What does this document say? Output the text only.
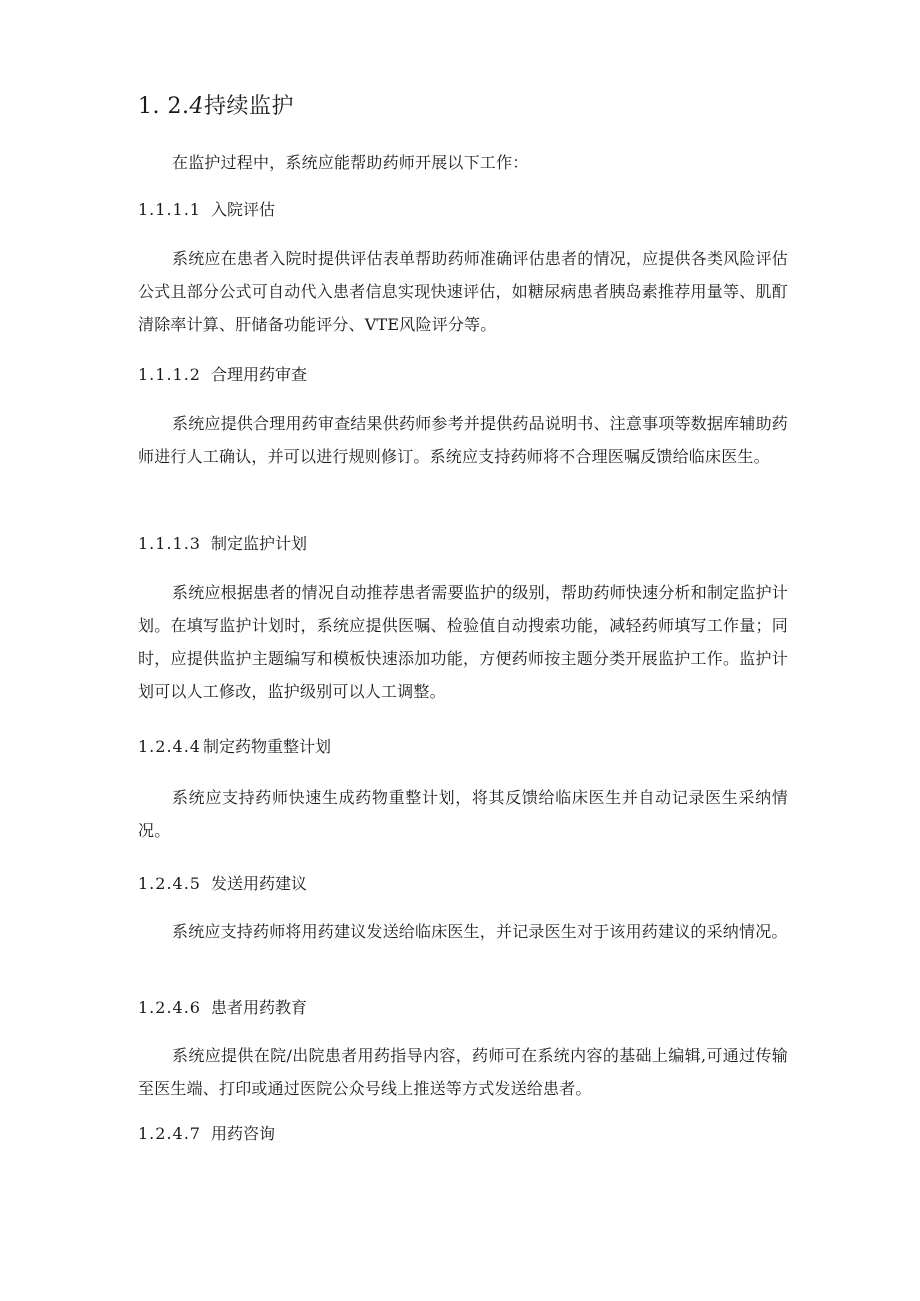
1. 2.4持续监护
在监护过程中，系统应能帮助药师开展以下工作：
1.1.1.1 入院评估
系统应在患者入院时提供评估表单帮助药师准确评估患者的情况，应提供各类风险评估公式且部分公式可自动代入患者信息实现快速评估，如糖尿病患者胰岛素推荐用量等、肌酊清除率计算、肝储备功能评分、VTE风险评分等。
1.1.1.2 合理用药审查
系统应提供合理用药审查结果供药师参考并提供药品说明书、注意事项等数据库辅助药师进行人工确认，并可以进行规则修订。系统应支持药师将不合理医嘱反馈给临床医生。
1.1.1.3 制定监护计划
系统应根据患者的情况自动推荐患者需要监护的级别，帮助药师快速分析和制定监护计划。在填写监护计划时，系统应提供医嘱、检验值自动搜索功能，减轻药师填写工作量；同时，应提供监护主题编写和模板快速添加功能，方便药师按主题分类开展监护工作。监护计划可以人工修改，监护级别可以人工调整。
1.2.4.4 制定药物重整计划
系统应支持药师快速生成药物重整计划，将其反馈给临床医生并自动记录医生采纳情况。
1.2.4.5 发送用药建议
系统应支持药师将用药建议发送给临床医生，并记录医生对于该用药建议的采纳情况。
1.2.4.6 患者用药教育
系统应提供在院/出院患者用药指导内容，药师可在系统内容的基础上编辑,可通过传输至医生端、打印或通过医院公众号线上推送等方式发送给患者。
1.2.4.7 用药咨询
